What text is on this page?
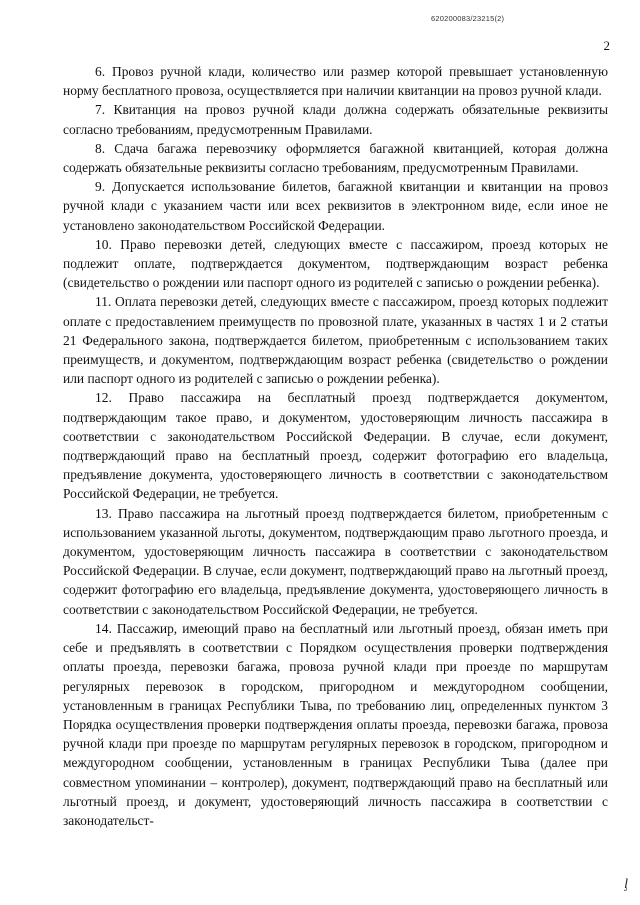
620200083/23215(2)
2

6. Провоз ручной клади, количество или размер которой превышает установленную норму бесплатного провоза, осуществляется при наличии квитанции на провоз ручной клади.

7. Квитанция на провоз ручной клади должна содержать обязательные реквизиты согласно требованиям, предусмотренным Правилами.

8. Сдача багажа перевозчику оформляется багажной квитанцией, которая должна содержать обязательные реквизиты согласно требованиям, предусмотренным Правилами.

9. Допускается использование билетов, багажной квитанции и квитанции на провоз ручной клади с указанием части или всех реквизитов в электронном виде, если иное не установлено законодательством Российской Федерации.

10. Право перевозки детей, следующих вместе с пассажиром, проезд которых не подлежит оплате, подтверждается документом, подтверждающим возраст ребенка (свидетельство о рождении или паспорт одного из родителей с записью о рождении ребенка).

11. Оплата перевозки детей, следующих вместе с пассажиром, проезд которых подлежит оплате с предоставлением преимуществ по провозной плате, указанных в частях 1 и 2 статьи 21 Федерального закона, подтверждается билетом, приобретенным с использованием таких преимуществ, и документом, подтверждающим возраст ребенка (свидетельство о рождении или паспорт одного из родителей с записью о рождении ребенка).

12. Право пассажира на бесплатный проезд подтверждается документом, подтверждающим такое право, и документом, удостоверяющим личность пассажира в соответствии с законодательством Российской Федерации. В случае, если документ, подтверждающий право на бесплатный проезд, содержит фотографию его владельца, предъявление документа, удостоверяющего личность в соответствии с законодательством Российской Федерации, не требуется.

13. Право пассажира на льготный проезд подтверждается билетом, приобретенным с использованием указанной льготы, документом, подтверждающим право льготного проезда, и документом, удостоверяющим личность пассажира в соответствии с законодательством Российской Федерации. В случае, если документ, подтверждающий право на льготный проезд, содержит фотографию его владельца, предъявление документа, удостоверяющего личность в соответствии с законодательством Российской Федерации, не требуется.

14. Пассажир, имеющий право на бесплатный или льготный проезд, обязан иметь при себе и предъявлять в соответствии с Порядком осуществления проверки подтверждения оплаты проезда, перевозки багажа, провоза ручной клади при проезде по маршрутам регулярных перевозок в городском, пригородном и междугородном сообщении, установленным в границах Республики Тыва, по требованию лиц, определенных пунктом 3 Порядка осуществления проверки подтверждения оплаты проезда, перевозки багажа, провоза ручной клади при проезде по маршрутам регулярных перевозок в городском, пригородном и междугородном сообщении, установленным в границах Республики Тыва (далее при совместном упоминании – контролер), документ, подтверждающий право на бесплатный или льготный проезд, и документ, удостоверяющий личность пассажира в соответствии с законодательст-

ᶅ
